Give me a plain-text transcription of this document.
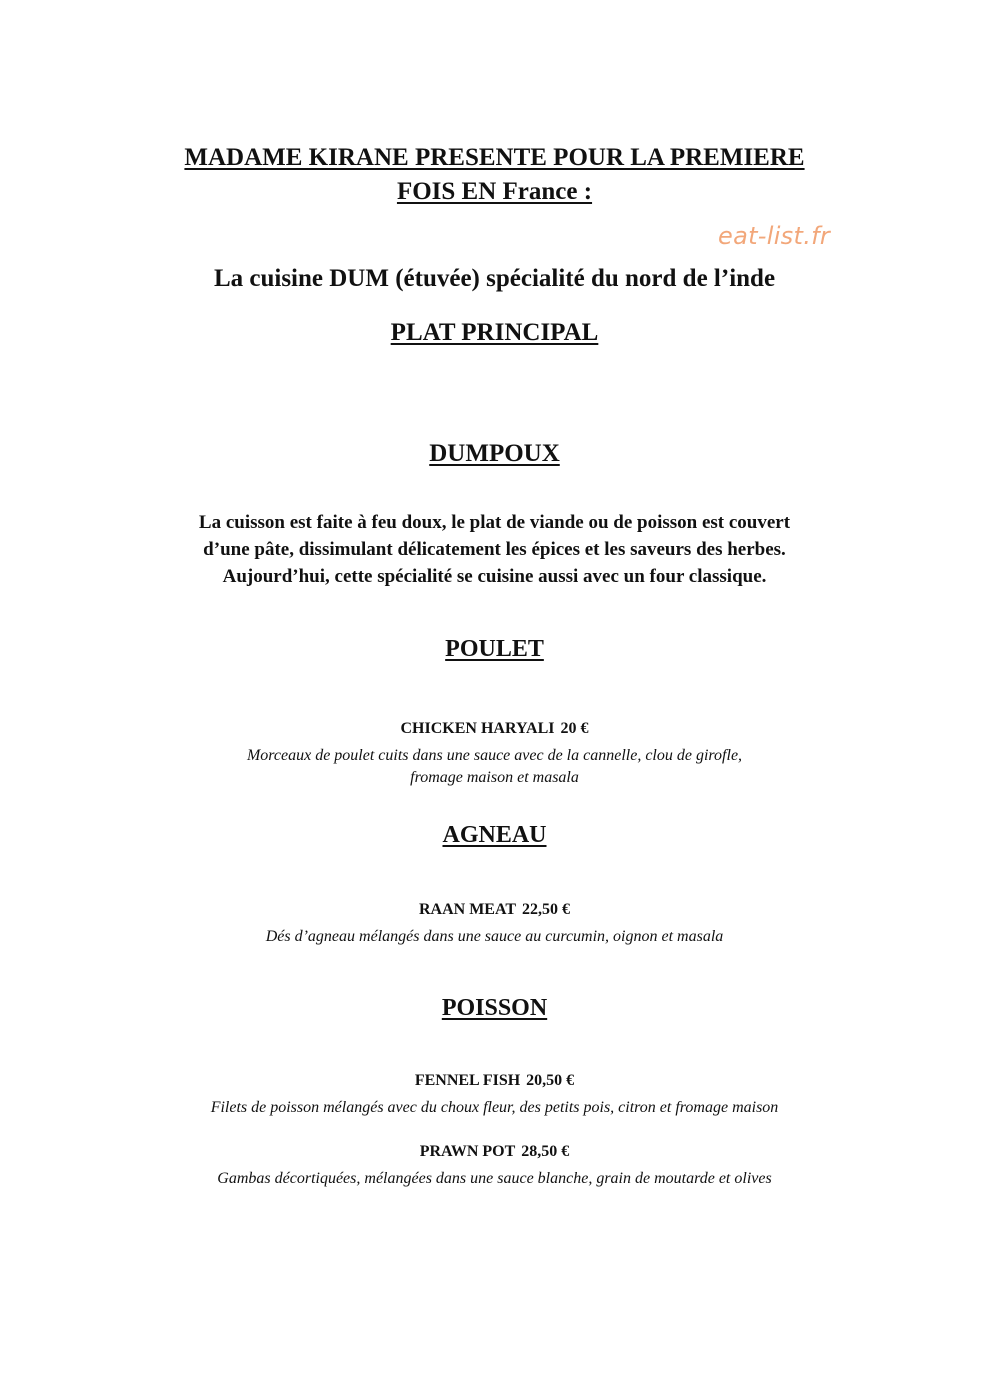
MADAME KIRANE PRESENTE POUR LA PREMIERE
FOIS EN France :
eat-list.fr
La cuisine DUM (étuvée) spécialité du nord de l’inde
PLAT PRINCIPAL
DUMPOUX
La cuisson est faite à feu doux, le plat de viande ou de poisson est couvert
d’une pâte, dissimulant délicatement les épices et les saveurs des herbes.
Aujourd’hui, cette spécialité se cuisine aussi avec un four classique.
POULET
CHICKEN HARYALI 20 €
Morceaux de poulet cuits dans une sauce avec de la cannelle, clou de girofle,
fromage maison et masala
AGNEAU
RAAN MEAT 22,50 €
Dés d’agneau mélangés dans une sauce au curcumin, oignon et masala
POISSON
FENNEL FISH 20,50 €
Filets de poisson mélangés avec du choux fleur, des petits pois, citron et fromage maison
PRAWN POT 28,50 €
Gambas décortiquées, mélangées dans une sauce blanche, grain de moutarde et olives
